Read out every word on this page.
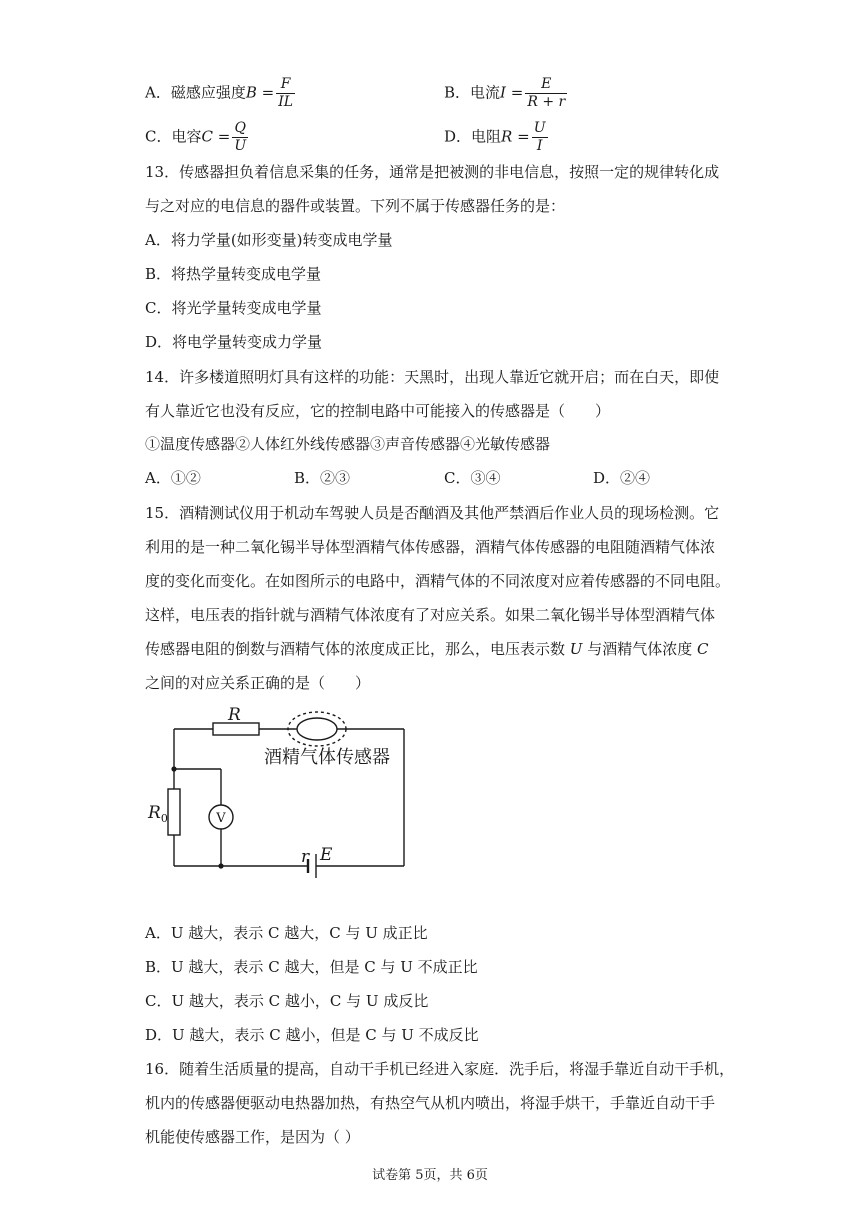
A．磁感应强度$B = \frac{F}{IL}$	B．电流$I = \frac{E}{R + r}$
C．电容$C = \frac{Q}{U}$	D．电阻$R = \frac{U}{I}$
13．传感器担负着信息采集的任务，通常是把被测的非电信息，按照一定的规律转化成
与之对应的电信息的器件或装置。下列不属于传感器任务的是：
A．将力学量(如形变量)转变成电学量
B．将热学量转变成电学量
C．将光学量转变成电学量
D．将电学量转变成力学量
14．许多楼道照明灯具有这样的功能：天黑时，出现人靠近它就开启；而在白天，即使
有人靠近它也没有反应，它的控制电路中可能接入的传感器是（　　）
①温度传感器②人体红外线传感器③声音传感器④光敏传感器
A．①②	B．②③	C．③④	D．②④
15．酒精测试仪用于机动车驾驶人员是否酗酒及其他严禁酒后作业人员的现场检测。它
利用的是一种二氧化锡半导体型酒精气体传感器，酒精气体传感器的电阻随酒精气体浓
度的变化而变化。在如图所示的电路中，酒精气体的不同浓度对应着传感器的不同电阻。
这样，电压表的指针就与酒精气体浓度有了对应关系。如果二氧化锡半导体型酒精气体
传感器电阻的倒数与酒精气体的浓度成正比，那么，电压表示数 U 与酒精气体浓度 C
之间的对应关系正确的是（　　）
R
酒精气体传感器
$R_0$	V
r E
A．U 越大，表示 C 越大，C 与 U 成正比
B．U 越大，表示 C 越大，但是 C 与 U 不成正比
C．U 越大，表示 C 越小，C 与 U 成反比
D．U 越大，表示 C 越小，但是 C 与 U 不成反比
16．随着生活质量的提高，自动干手机已经进入家庭．洗手后，将湿手靠近自动干手机，
机内的传感器便驱动电热器加热，有热空气从机内喷出，将湿手烘干，手靠近自动干手
机能使传感器工作，是因为（ ）
试卷第 5页，共 6页
